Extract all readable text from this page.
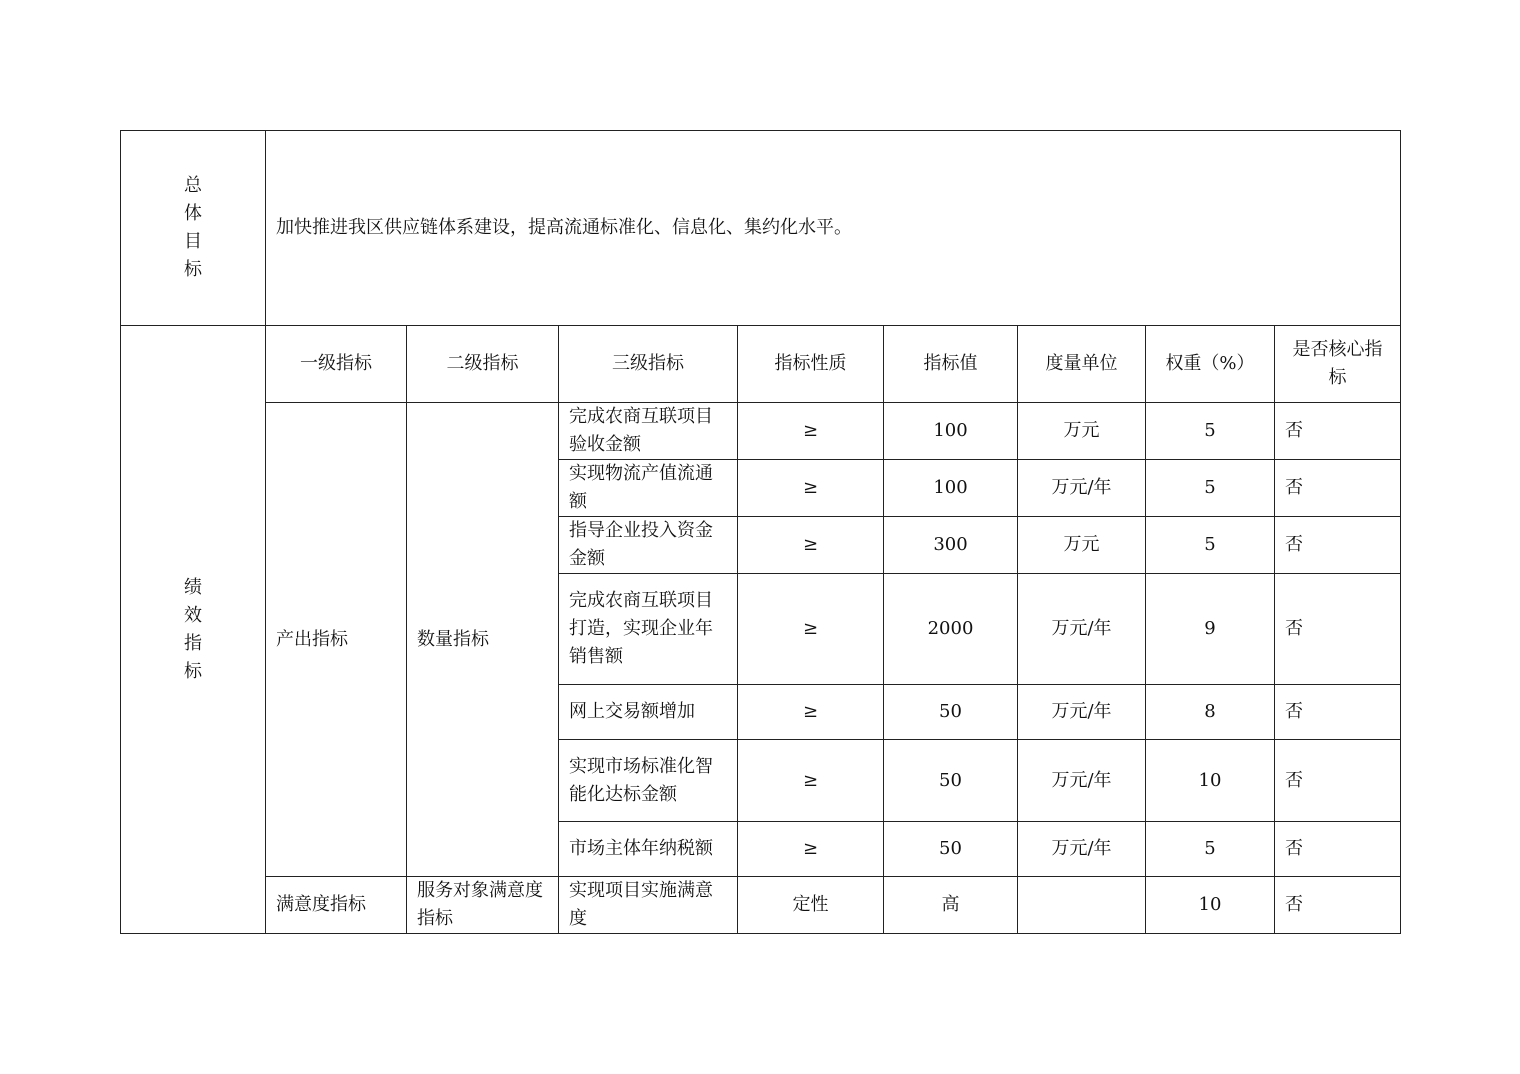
总
体
目
标	加快推进我区供应链体系建设，提高流通标准化、信息化、集约化水平。							

绩
效
指
标	一级指标	二级指标	三级指标	指标性质	指标值	度量单位	权重（%）	是否核心指标
	产出指标	数量指标	完成农商互联项目验收金额	≥	100	万元	5	否
			实现物流产值流通额	≥	100	万元/年	5	否
			指导企业投入资金金额	≥	300	万元	5	否
			完成农商互联项目打造，实现企业年销售额	≥	2000	万元/年	9	否
			网上交易额增加	≥	50	万元/年	8	否
			实现市场标准化智能化达标金额	≥	50	万元/年	10	否
			市场主体年纳税额	≥	50	万元/年	5	否
	满意度指标	服务对象满意度指标	实现项目实施满意度	定性	高		10	否
